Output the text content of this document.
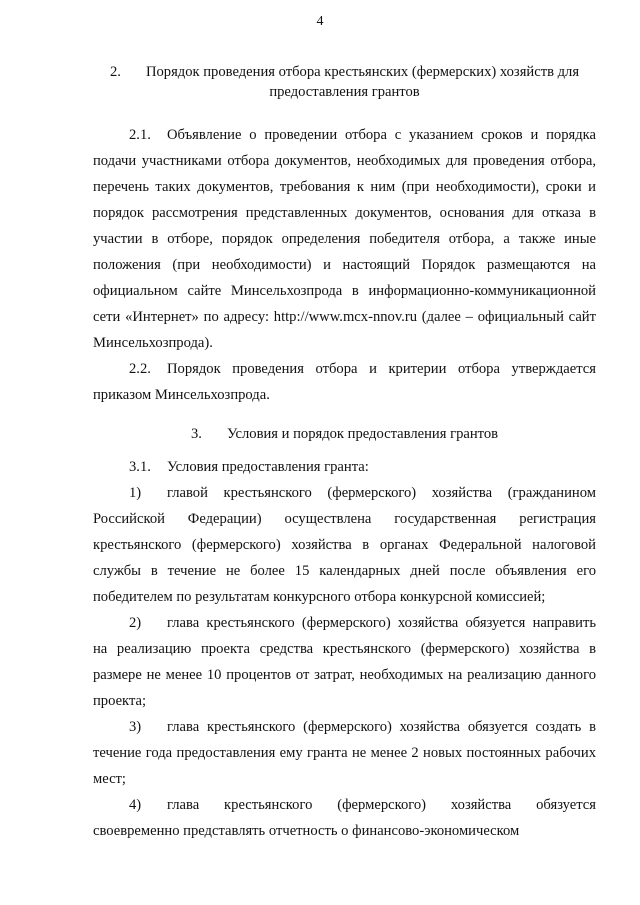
4
2. Порядок проведения отбора крестьянских (фермерских) хозяйств для
предоставления грантов

2.1. Объявление о проведении отбора с указанием сроков и порядка подачи участниками отбора документов, необходимых для проведения отбора, перечень таких документов, требования к ним (при необходимости), сроки и порядок рассмотрения представленных документов, основания для отказа в участии в отборе, порядок определения победителя отбора, а также иные положения (при необходимости) и настоящий Порядок размещаются на официальном сайте Минсельхозпрода в информационно-коммуникационной сети «Интернет» по адресу: http://www.mcx-nnov.ru (далее – официальный сайт Минсельхозпрода).

2.2. Порядок проведения отбора и критерии отбора утверждается приказом Минсельхозпрода.

3. Условия и порядок предоставления грантов

3.1. Условия предоставления гранта:

1) главой крестьянского (фермерского) хозяйства (гражданином Российской Федерации) осуществлена государственная регистрация крестьянского (фермерского) хозяйства в органах Федеральной налоговой службы в течение не более 15 календарных дней после объявления его победителем по результатам конкурсного отбора конкурсной комиссией;

2) глава крестьянского (фермерского) хозяйства обязуется направить на реализацию проекта средства крестьянского (фермерского) хозяйства в размере не менее 10 процентов от затрат, необходимых на реализацию данного проекта;

3) глава крестьянского (фермерского) хозяйства обязуется создать в течение года предоставления ему гранта не менее 2 новых постоянных рабочих мест;

4) глава крестьянского (фермерского) хозяйства обязуется своевременно представлять отчетность о финансово-экономическом
